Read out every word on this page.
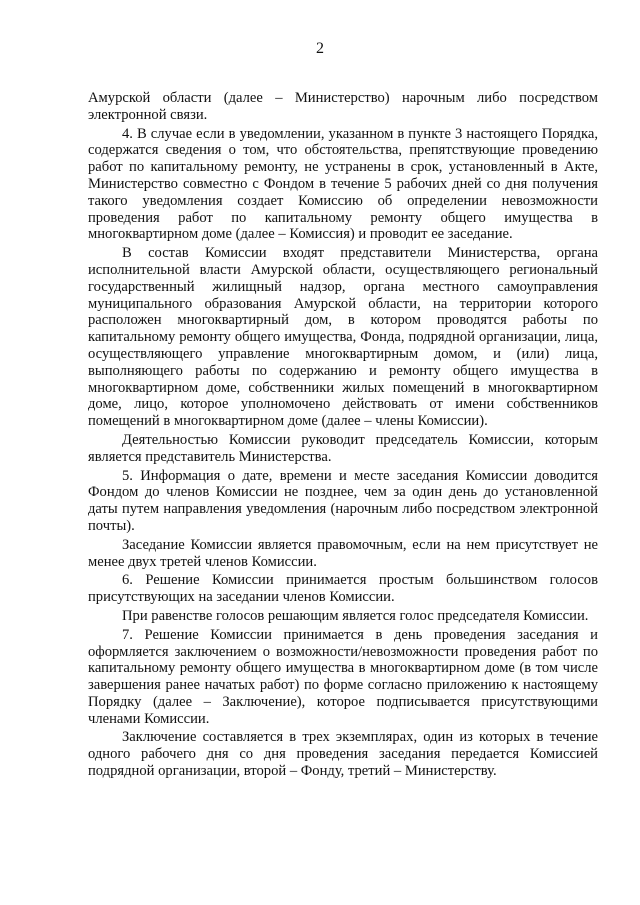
2

Амурской области (далее – Министерство) нарочным либо посредством электронной связи.

4. В случае если в уведомлении, указанном в пункте 3 настоящего Порядка, содержатся сведения о том, что обстоятельства, препятствующие проведению работ по капитальному ремонту, не устранены в срок, установленный в Акте, Министерство совместно с Фондом в течение 5 рабочих дней со дня получения такого уведомления создает Комиссию об определении невозможности проведения работ по капитальному ремонту общего имущества в многоквартирном доме (далее – Комиссия) и проводит ее заседание.

В состав Комиссии входят представители Министерства, органа исполнительной власти Амурской области, осуществляющего региональный государственный жилищный надзор, органа местного самоуправления муниципального образования Амурской области, на территории которого расположен многоквартирный дом, в котором проводятся работы по капитальному ремонту общего имущества, Фонда, подрядной организации, лица, осуществляющего управление многоквартирным домом, и (или) лица, выполняющего работы по содержанию и ремонту общего имущества в многоквартирном доме, собственники жилых помещений в многоквартирном доме, лицо, которое уполномочено действовать от имени собственников помещений в многоквартирном доме (далее – члены Комиссии).

Деятельностью Комиссии руководит председатель Комиссии, которым является представитель Министерства.

5. Информация о дате, времени и месте заседания Комиссии доводится Фондом до членов Комиссии не позднее, чем за один день до установленной даты путем направления уведомления (нарочным либо посредством электронной почты).

Заседание Комиссии является правомочным, если на нем присутствует не менее двух третей членов Комиссии.

6. Решение Комиссии принимается простым большинством голосов присутствующих на заседании членов Комиссии.

При равенстве голосов решающим является голос председателя Комиссии.

7. Решение Комиссии принимается в день проведения заседания и оформляется заключением о возможности/невозможности проведения работ по капитальному ремонту общего имущества в многоквартирном доме (в том числе завершения ранее начатых работ) по форме согласно приложению к настоящему Порядку (далее – Заключение), которое подписывается присутствующими членами Комиссии.

Заключение составляется в трех экземплярах, один из которых в течение одного рабочего дня со дня проведения заседания передается Комиссией подрядной организации, второй – Фонду, третий – Министерству.
